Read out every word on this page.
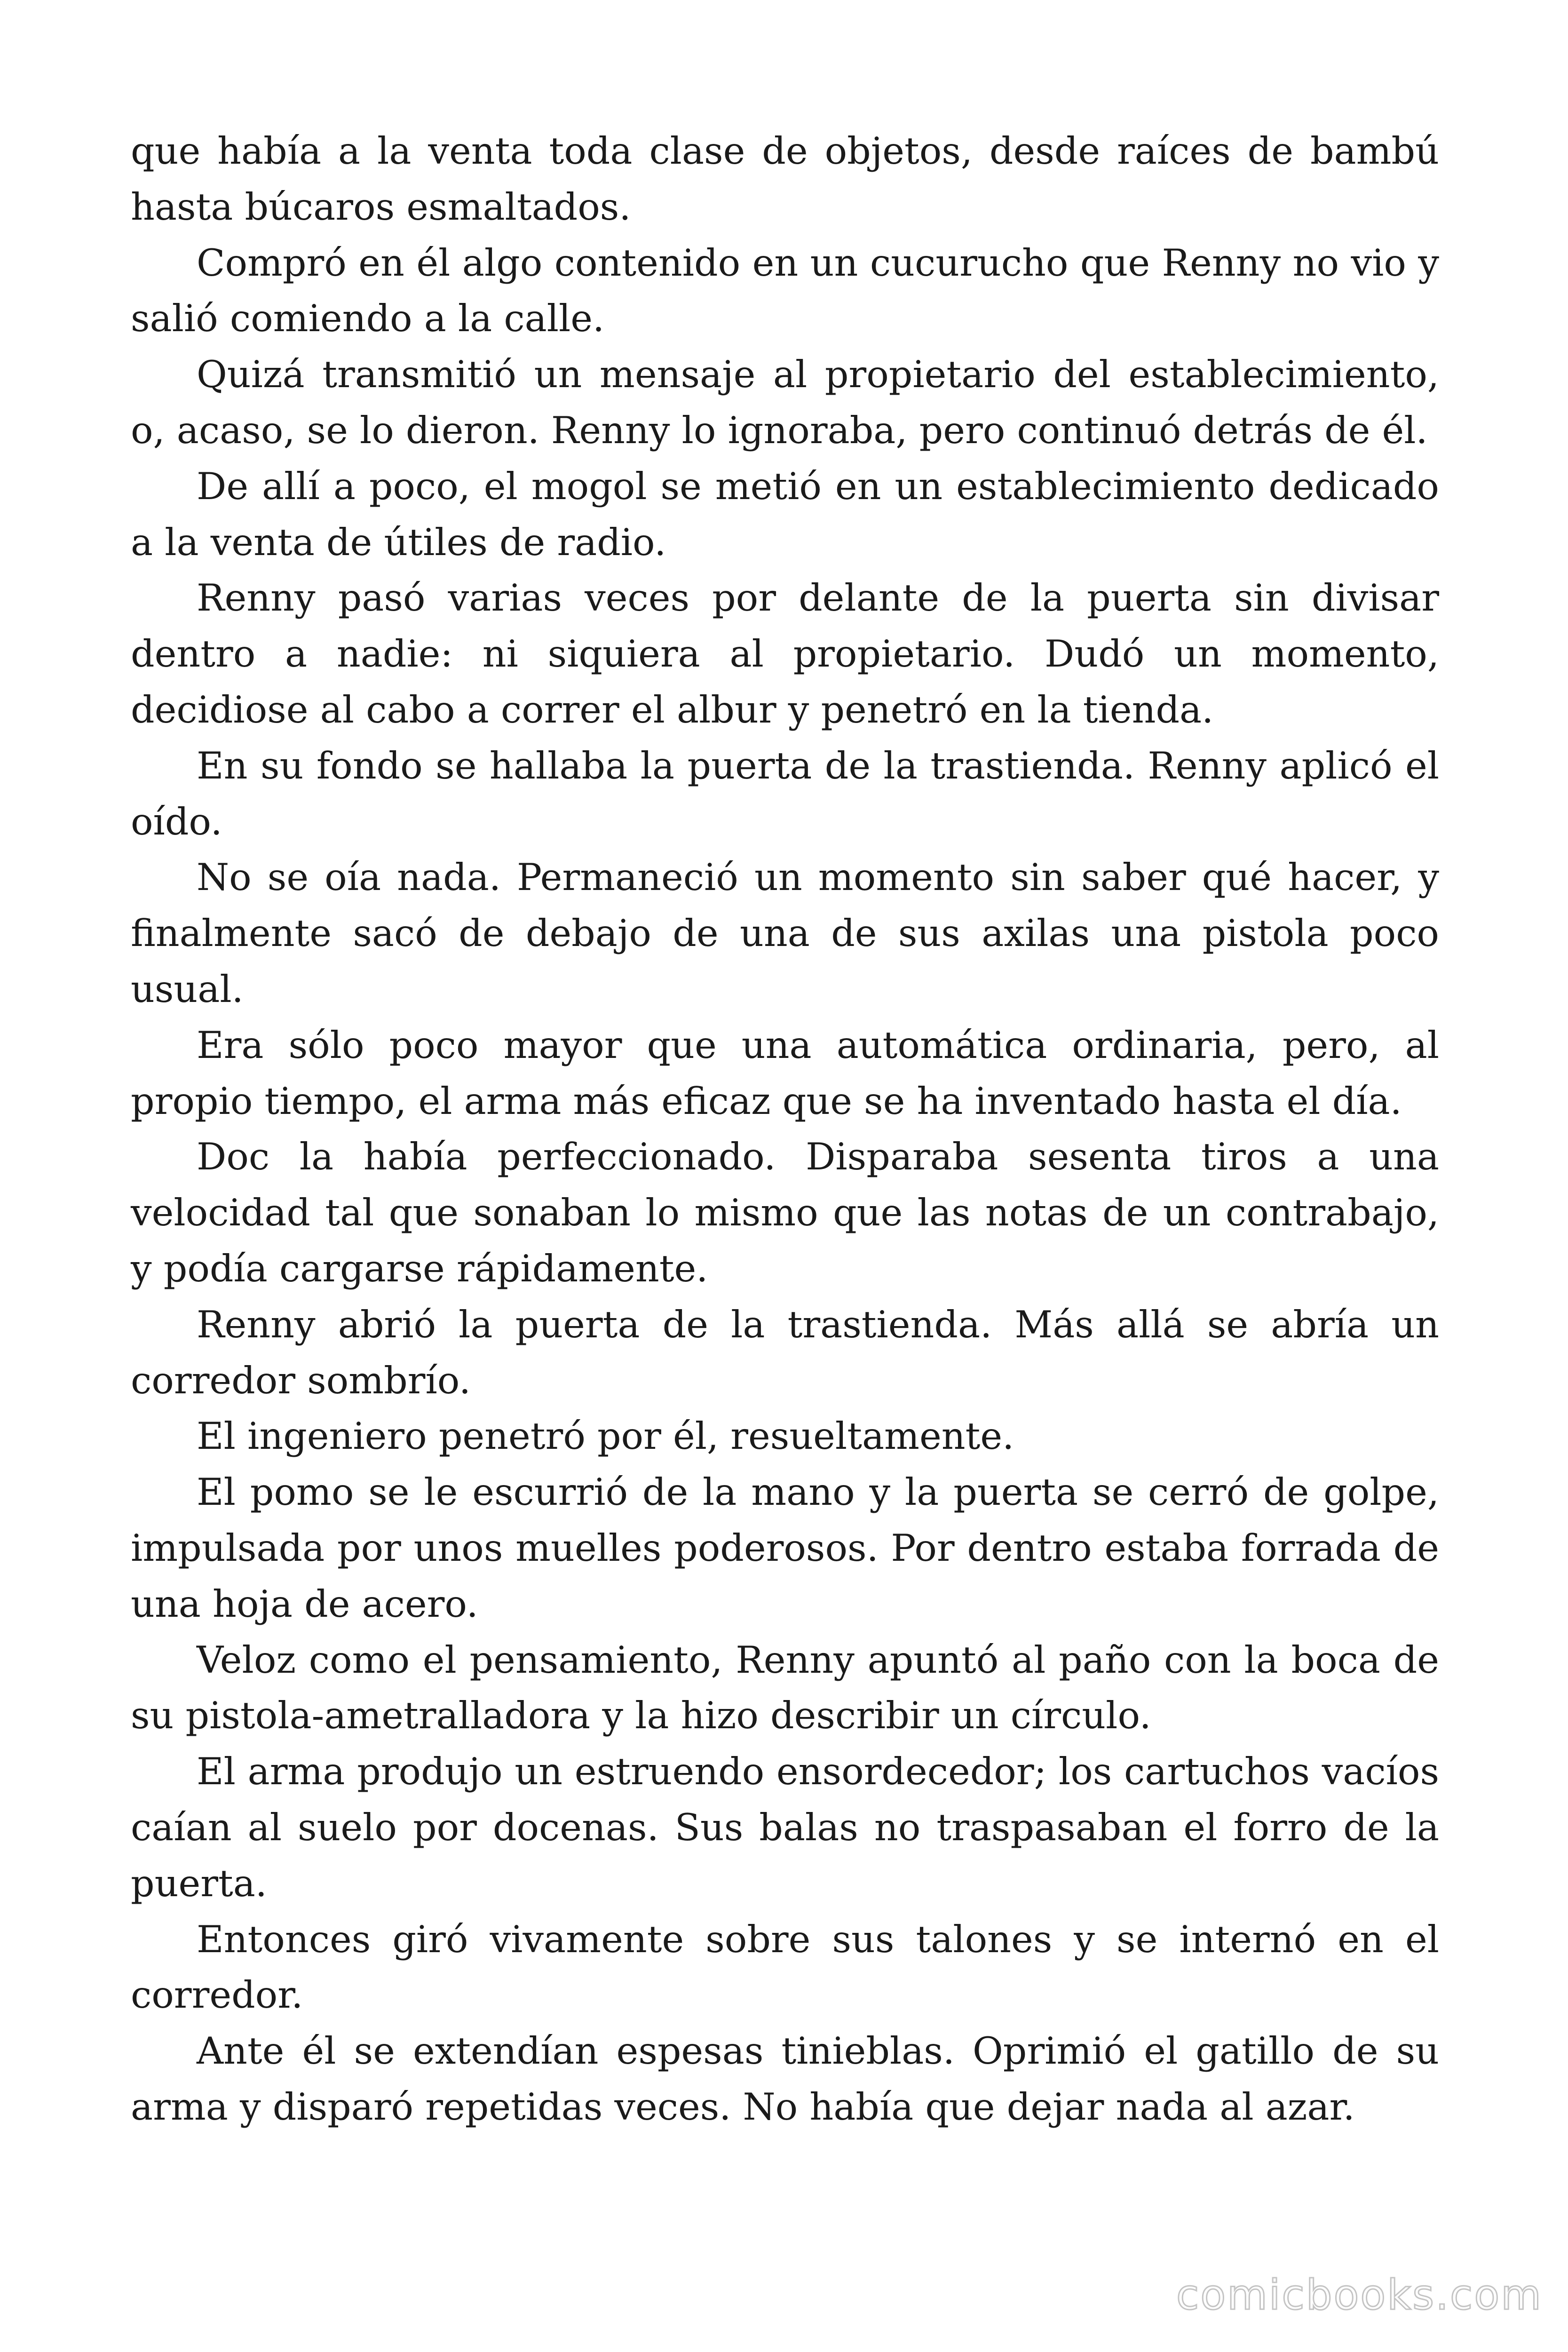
que había a la venta toda clase de objetos, desde raíces de bambú hasta búcaros esmaltados.

Compró en él algo contenido en un cucurucho que Renny no vio y salió comiendo a la calle.

Quizá transmitió un mensaje al propietario del establecimiento, o, acaso, se lo dieron. Renny lo ignoraba, pero continuó detrás de él.

De allí a poco, el mogol se metió en un establecimiento dedicado a la venta de útiles de radio.

Renny pasó varias veces por delante de la puerta sin divisar dentro a nadie: ni siquiera al propietario. Dudó un momento, decidiose al cabo a correr el albur y penetró en la tienda.

En su fondo se hallaba la puerta de la trastienda. Renny aplicó el oído.

No se oía nada. Permaneció un momento sin saber qué hacer, y finalmente sacó de debajo de una de sus axilas una pistola poco usual.

Era sólo poco mayor que una automática ordinaria, pero, al propio tiempo, el arma más eficaz que se ha inventado hasta el día.

Doc la había perfeccionado. Disparaba sesenta tiros a una velocidad tal que sonaban lo mismo que las notas de un contrabajo, y podía cargarse rápidamente.

Renny abrió la puerta de la trastienda. Más allá se abría un corredor sombrío.

El ingeniero penetró por él, resueltamente.

El pomo se le escurrió de la mano y la puerta se cerró de golpe, impulsada por unos muelles poderosos. Por dentro estaba forrada de una hoja de acero.

Veloz como el pensamiento, Renny apuntó al paño con la boca de su pistola-ametralladora y la hizo describir un círculo.

El arma produjo un estruendo ensordecedor; los cartuchos vacíos caían al suelo por docenas. Sus balas no traspasaban el forro de la puerta.

Entonces giró vivamente sobre sus talones y se internó en el corredor.

Ante él se extendían espesas tinieblas. Oprimió el gatillo de su arma y disparó repetidas veces. No había que dejar nada al azar.

comicbooks.com
